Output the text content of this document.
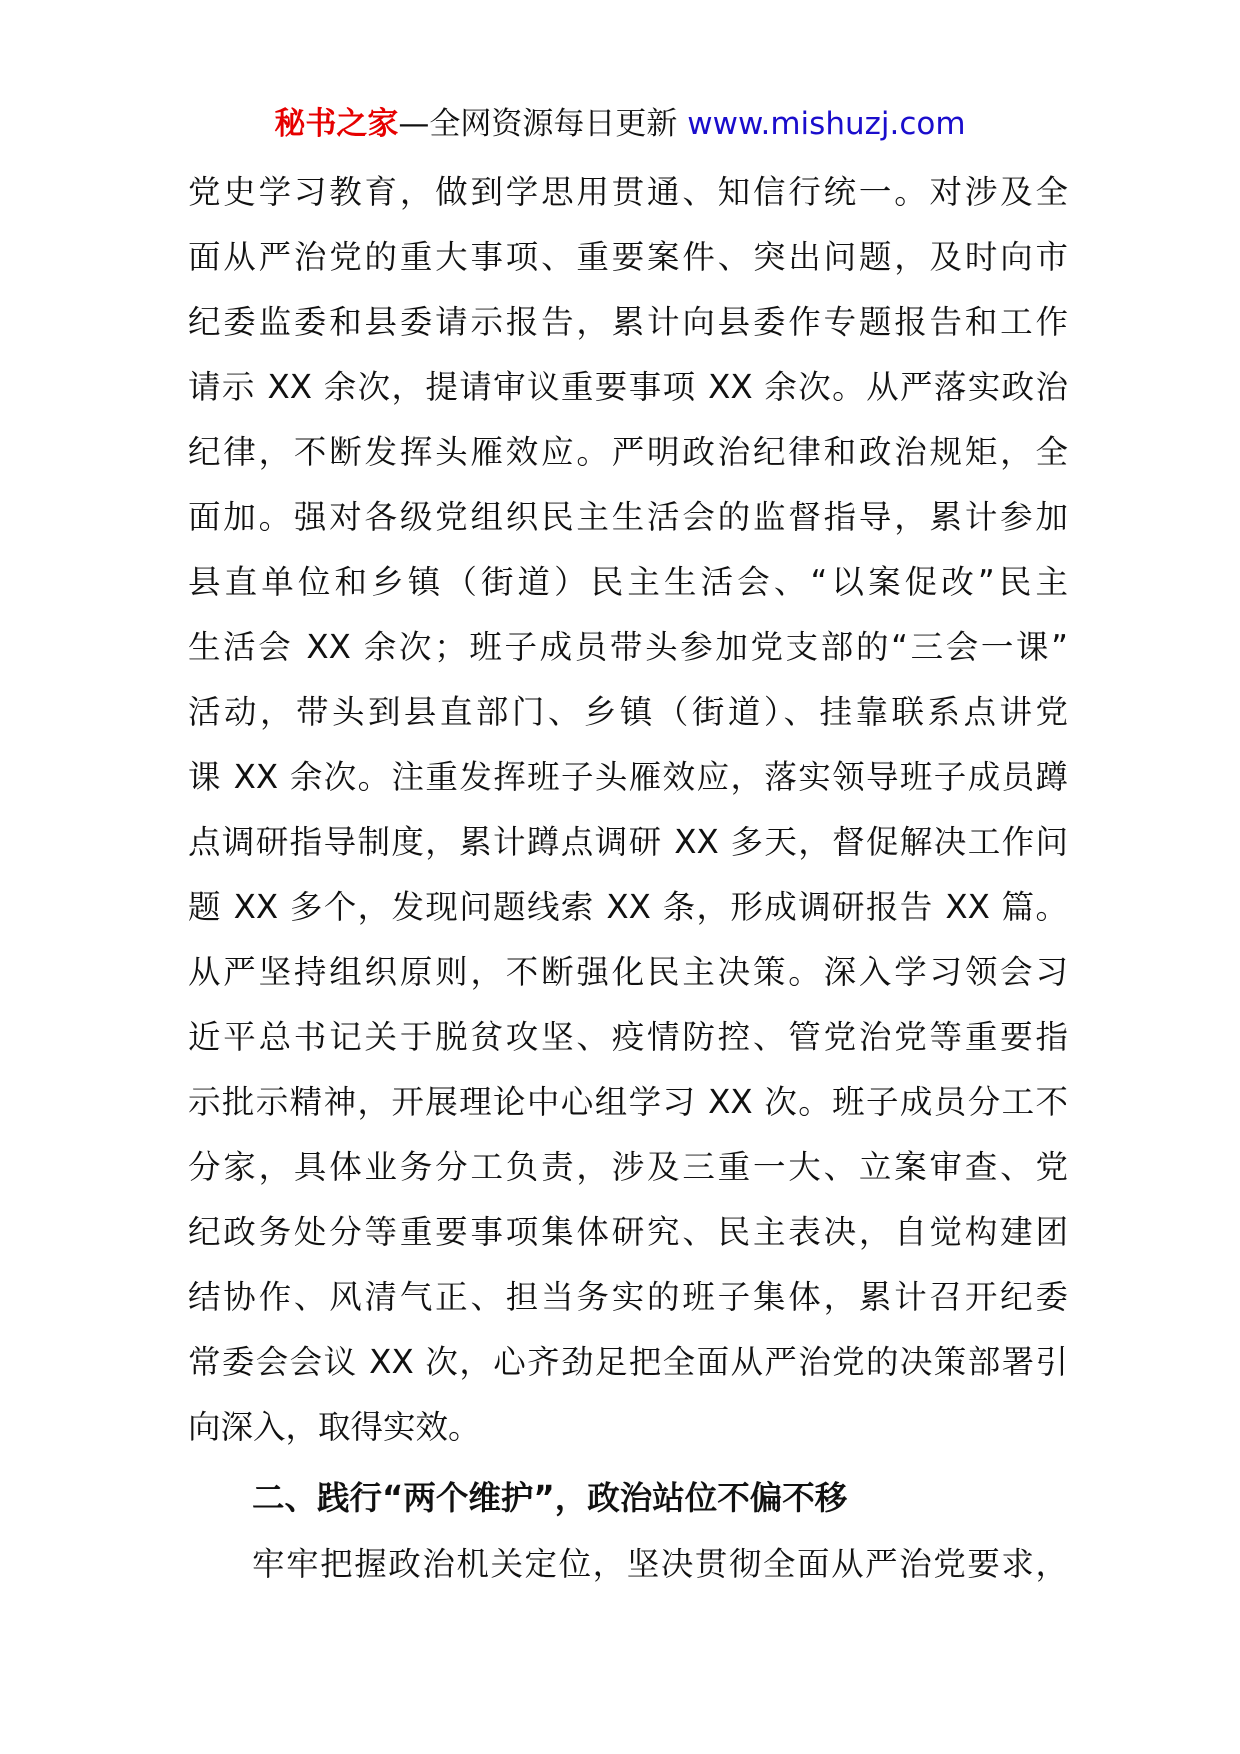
秘书之家—全网资源每日更新 www.mishuzj.com
党史学习教育，做到学思用贯通、知信行统一。对涉及全
面从严治党的重大事项、重要案件、突出问题，及时向市
纪委监委和县委请示报告，累计向县委作专题报告和工作
请示 XX 余次，提请审议重要事项 XX 余次。从严落实政治
纪律，不断发挥头雁效应。严明政治纪律和政治规矩，全
面加。强对各级党组织民主生活会的监督指导，累计参加
县直单位和乡镇（街道）民主生活会、“以案促改”民主
生活会 XX 余次；班子成员带头参加党支部的“三会一课”
活动，带头到县直部门、乡镇（街道）、挂靠联系点讲党
课 XX 余次。注重发挥班子头雁效应，落实领导班子成员蹲
点调研指导制度，累计蹲点调研 XX 多天，督促解决工作问
题 XX 多个，发现问题线索 XX 条，形成调研报告 XX 篇。
从严坚持组织原则，不断强化民主决策。深入学习领会习
近平总书记关于脱贫攻坚、疫情防控、管党治党等重要指
示批示精神，开展理论中心组学习 XX 次。班子成员分工不
分家，具体业务分工负责，涉及三重一大、立案审查、党
纪政务处分等重要事项集体研究、民主表决，自觉构建团
结协作、风清气正、担当务实的班子集体，累计召开纪委
常委会会议 XX 次，心齐劲足把全面从严治党的决策部署引
向深入，取得实效。
二、践行“两个维护”，政治站位不偏不移
牢牢把握政治机关定位，坚决贯彻全面从严治党要求，
